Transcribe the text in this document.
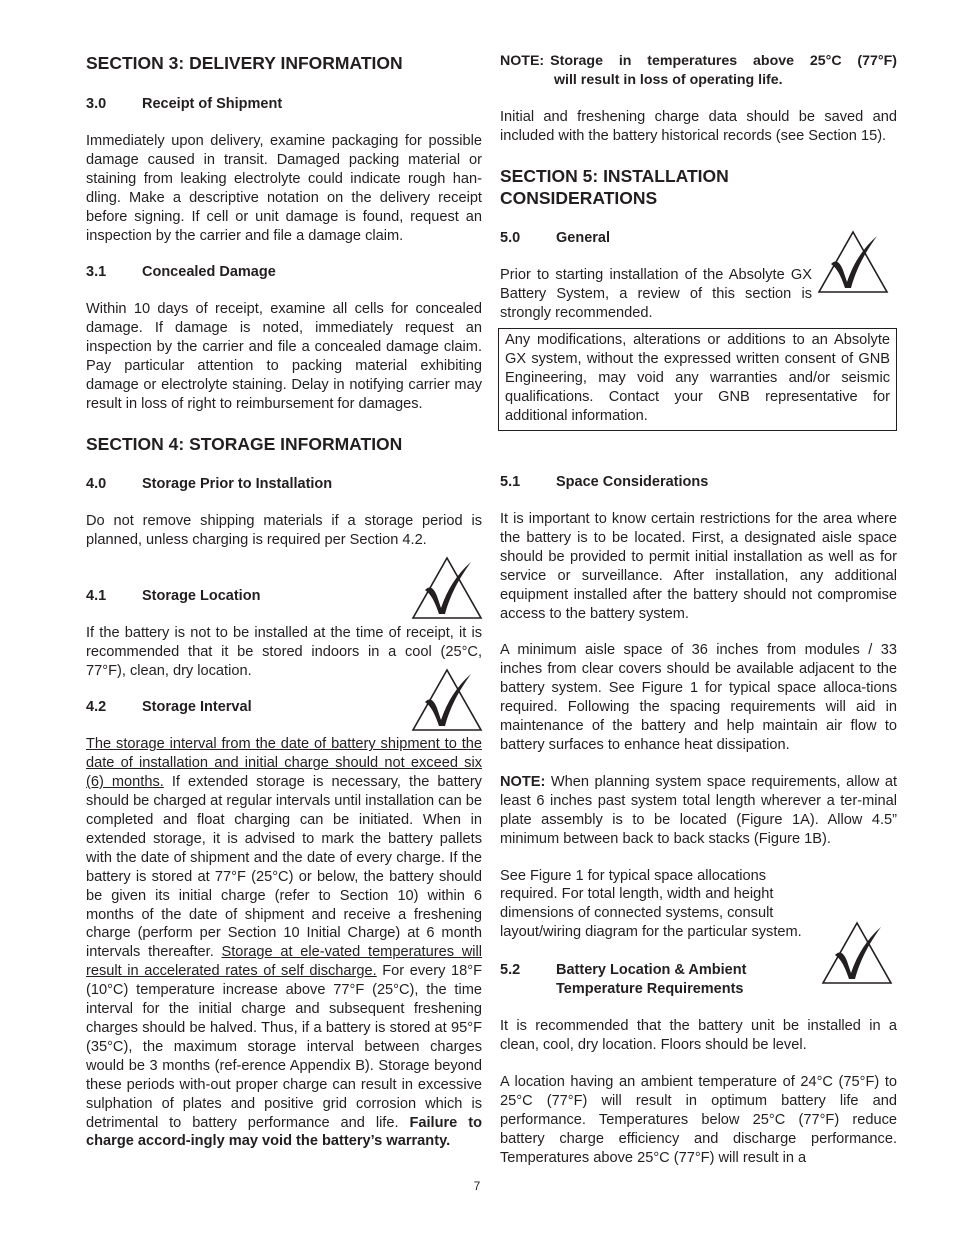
SECTION 3: DELIVERY INFORMATION
3.0 Receipt of Shipment

Immediately upon delivery, examine packaging for possible damage caused in transit. Damaged packing material or staining from leaking electrolyte could indicate rough han-dling. Make a descriptive notation on the delivery receipt before signing. If cell or unit damage is found, request an inspection by the carrier and file a damage claim.

3.1 Concealed Damage

Within 10 days of receipt, examine all cells for concealed damage. If damage is noted, immediately request an inspection by the carrier and file a concealed damage claim. Pay particular attention to packing material exhibiting damage or electrolyte staining. Delay in notifying carrier may result in loss of right to reimbursement for damages.

SECTION 4: STORAGE INFORMATION
4.0 Storage Prior to Installation

Do not remove shipping materials if a storage period is planned, unless charging is required per Section 4.2.

4.1 Storage Location

If the battery is not to be installed at the time of receipt, it is recommended that it be stored indoors in a cool (25°C, 77°F), clean, dry location.

4.2 Storage Interval

The storage interval from the date of battery shipment to the date of installation and initial charge should not exceed six (6) months. If extended storage is necessary, the battery should be charged at regular intervals until installation can be completed and float charging can be initiated. When in extended storage, it is advised to mark the battery pallets with the date of shipment and the date of every charge. If the battery is stored at 77°F (25°C) or below, the battery should be given its initial charge (refer to Section 10) within 6 months of the date of shipment and receive a freshening charge (perform per Section 10 Initial Charge) at 6 month intervals thereafter. Storage at ele-vated temperatures will result in accelerated rates of self discharge. For every 18°F (10°C) temperature increase above 77°F (25°C), the time interval for the initial charge and subsequent freshening charges should be halved. Thus, if a battery is stored at 95°F (35°C), the maximum storage interval between charges would be 3 months (ref-erence Appendix B). Storage beyond these periods with-out proper charge can result in excessive sulphation of plates and positive grid corrosion which is detrimental to battery performance and life. Failure to charge accord-ingly may void the battery’s warranty.

NOTE: Storage in temperatures above 25°C (77°F)
will result in loss of operating life.

Initial and freshening charge data should be saved and included with the battery historical records (see Section 15).

SECTION 5: INSTALLATION
CONSIDERATIONS
5.0 General

Prior to starting installation of the Absolyte GX Battery System, a review of this section is strongly recommended.

Any modifications, alterations or additions to an Absolyte GX system, without the expressed written consent of GNB Engineering, may void any warranties and/or seismic qualifications. Contact your GNB representative for additional information.

5.1 Space Considerations

It is important to know certain restrictions for the area where the battery is to be located. First, a designated aisle space should be provided to permit initial installation as well as for service or surveillance. After installation, any additional equipment installed after the battery should not compromise access to the battery system.

A minimum aisle space of 36 inches from modules / 33 inches from clear covers should be available adjacent to the battery system. See Figure 1 for typical space alloca-tions required. Following the spacing requirements will aid in maintenance of the battery and help maintain air flow to battery surfaces to enhance heat dissipation.

NOTE: When planning system space requirements, allow at least 6 inches past system total length wherever a ter-minal plate assembly is to be located (Figure 1A). Allow 4.5” minimum between back to back stacks (Figure 1B).

See Figure 1 for typical space allocations required. For total length, width and height dimensions of connected systems, consult layout/wiring diagram for the particular system.

5.2 Battery Location & Ambient
Temperature Requirements

It is recommended that the battery unit be installed in a clean, cool, dry location. Floors should be level.

A location having an ambient temperature of 24°C (75°F) to 25°C (77°F) will result in optimum battery life and performance. Temperatures below 25°C (77°F) reduce battery charge efficiency and discharge performance. Temperatures above 25°C (77°F) will result in a

7
